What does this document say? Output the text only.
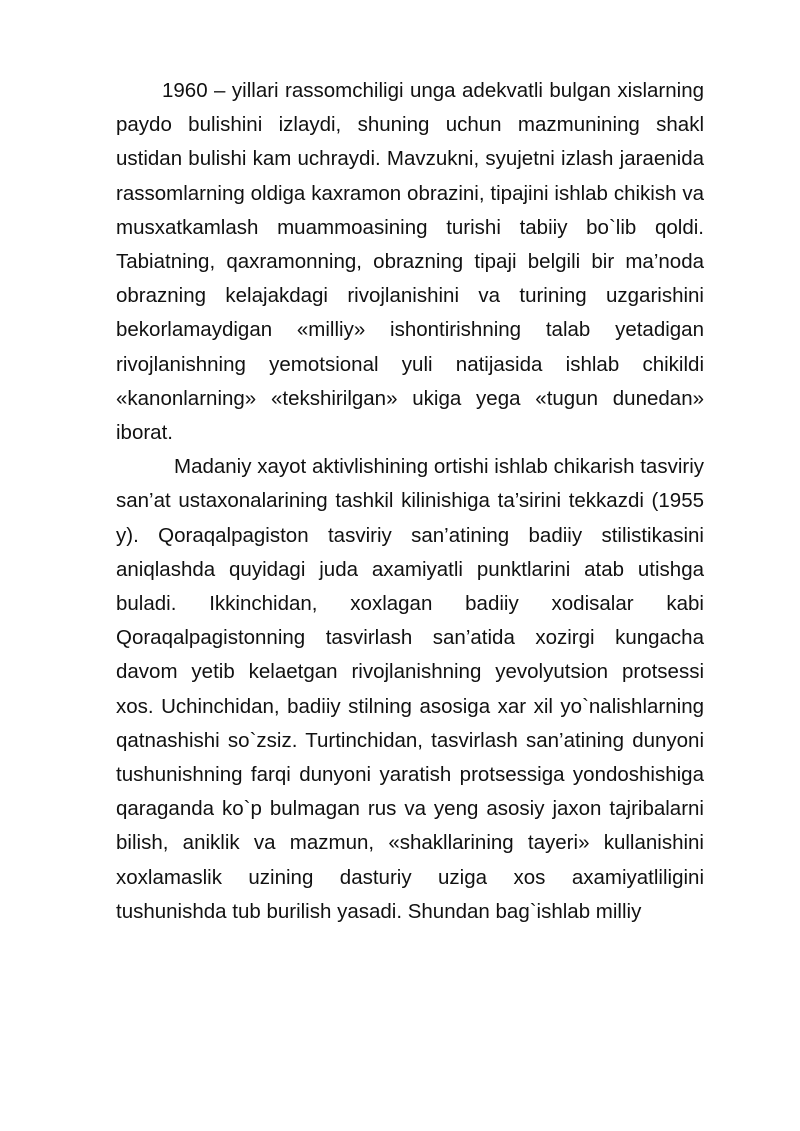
1960 – yillari rassomchiligi unga adekvatli bulgan xislarning paydo bulishini izlaydi, shuning uchun mazmunining shakl ustidan bulishi kam uchraydi. Mavzukni, syujetni izlash jaraenida rassomlarning oldiga kaxramon obrazini, tipajini ishlab chikish va musxatkamlash muammoasining turishi tabiiy bo`lib qoldi. Tabiatning, qaxramonning, obrazning tipaji belgili bir ma’noda obrazning kelajakdagi rivojlanishini va turining uzgarishini bekorlamaydigan «milliy» ishontirishning talab yetadigan rivojlanishning yemotsional yuli natijasida ishlab chikildi «kanonlarning» «tekshirilgan» ukiga yega «tugun dunedan» iborat.

Madaniy xayot aktivlishining ortishi ishlab chikarish tasviriy san’at ustaxonalarining tashkil kilinishiga ta’sirini tekkazdi (1955 y). Qoraqalpagiston tasviriy san’atining badiiy stilistikasini aniqlashda quyidagi juda axamiyatli punktlarini atab utishga buladi. Ikkinchidan, xoxlagan badiiy xodisalar kabi Qoraqalpagistonning tasvirlash san’atida xozirgi kungacha davom yetib kelaetgan rivojlanishning yevolyutsion protsessi xos. Uchinchidan, badiiy stilning asosiga xar xil yo`nalishlarning qatnashishi so`zsiz. Turtinchidan, tasvirlash san’atining dunyoni tushunishning farqi dunyoni yaratish protsessiga yondoshishiga qaraganda ko`p bulmagan rus va yeng asosiy jaxon tajribalarni bilish, aniklik va mazmun, «shakllarining tayeri» kullanishini xoxlamaslik uzining dasturiy uziga xos axamiyatliligini tushunishda tub burilish yasadi. Shundan bag`ishlab milliy
